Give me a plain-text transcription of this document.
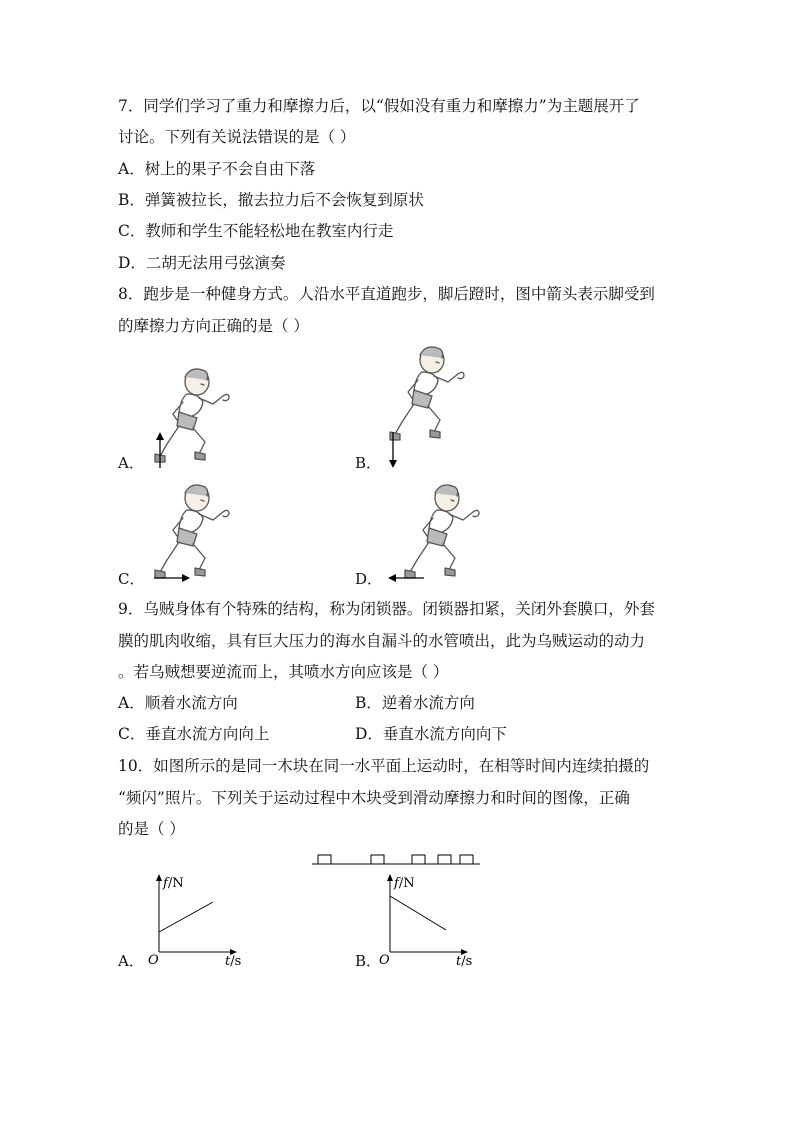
7．同学们学习了重力和摩擦力后，以“假如没有重力和摩擦力”为主题展开了
讨论。下列有关说法错误的是（ ）
A．树上的果子不会自由下落
B．弹簧被拉长，撤去拉力后不会恢复到原状
C．教师和学生不能轻松地在教室内行走
D．二胡无法用弓弦演奏
8．跑步是一种健身方式。人沿水平直道跑步，脚后蹬时，图中箭头表示脚受到
的摩擦力方向正确的是（ ）
A．	B．
C．	D．
9．乌贼身体有个特殊的结构，称为闭锁器。闭锁器扣紧，关闭外套膜口，外套
膜的肌肉收缩，具有巨大压力的海水自漏斗的水管喷出，此为乌贼运动的动力
。若乌贼想要逆流而上，其喷水方向应该是（ ）
A．顺着水流方向	B．逆着水流方向
C．垂直水流方向向上	D．垂直水流方向向下
10．如图所示的是同一木块在同一水平面上运动时，在相等时间内连续拍摄的
“频闪”照片。下列关于运动过程中木块受到滑动摩擦力和时间的图像，正确
的是（ ）
A．
f/N
O	t/s	B．
f/N
O	t/s
